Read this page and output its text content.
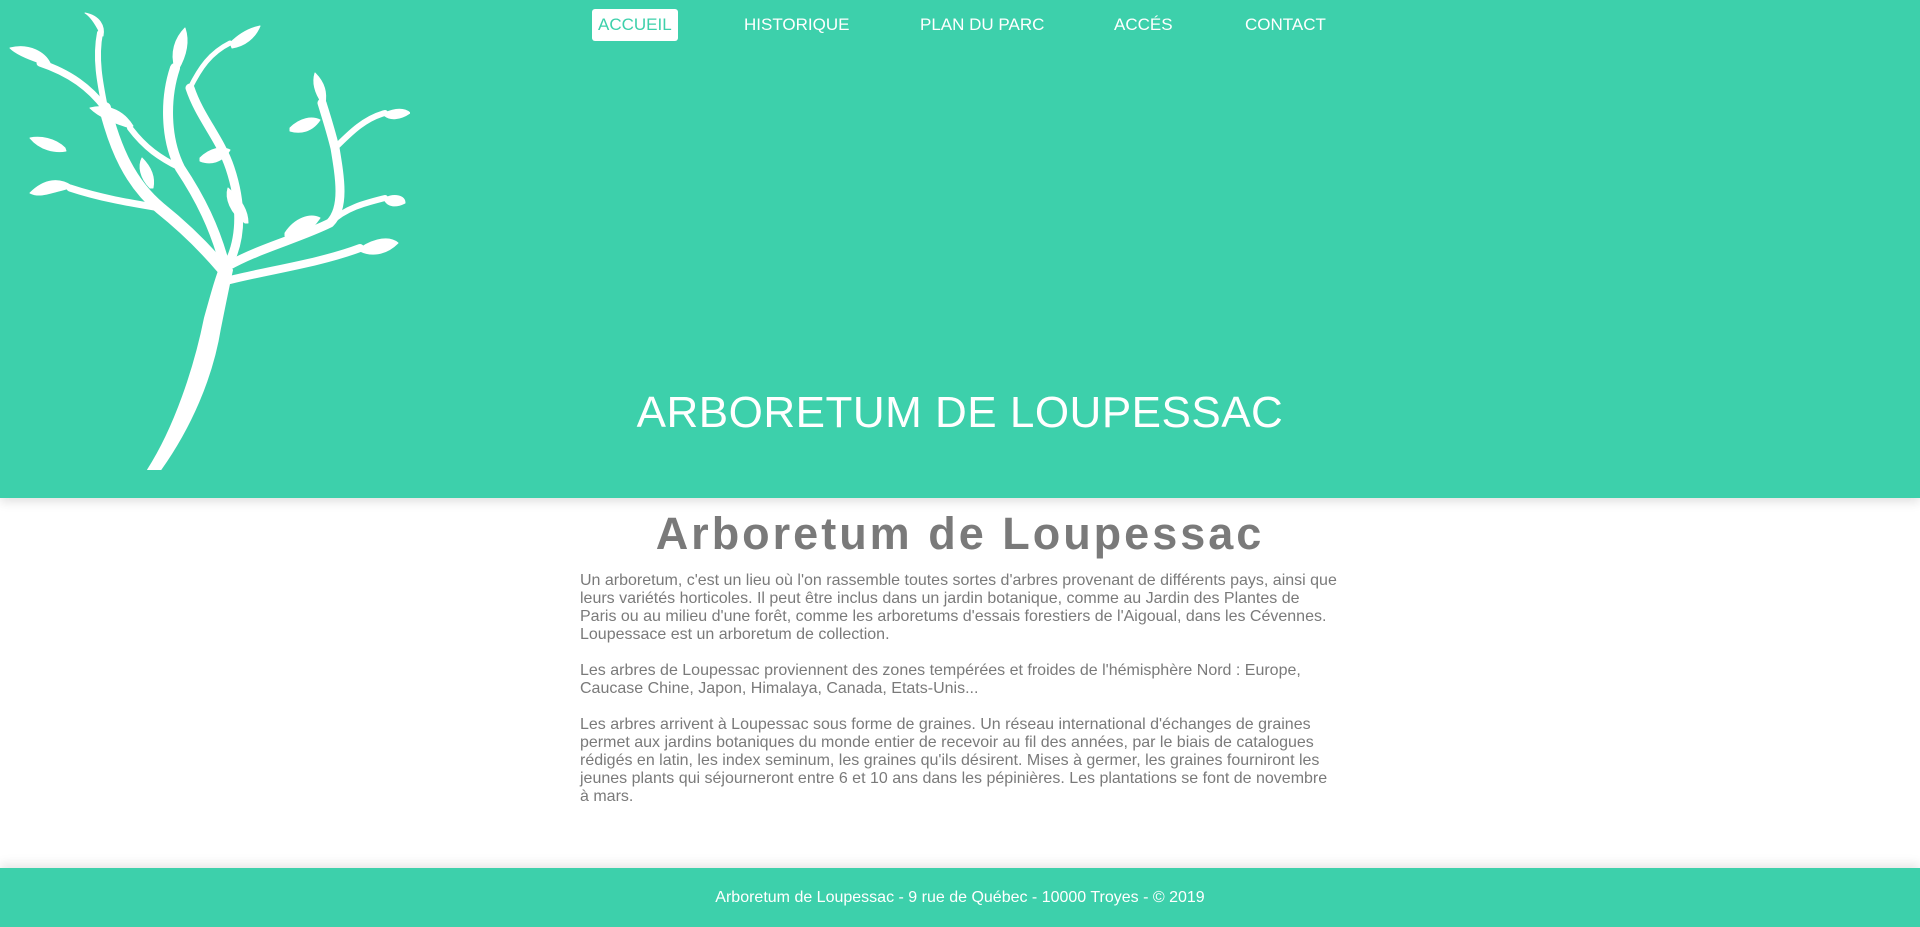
ACCUEIL	HISTORIQUE	PLAN DU PARC	ACCÉS	CONTACT
ARBORETUM DE LOUPESSAC
Arboretum de Loupessac

Un arboretum, c'est un lieu où l'on rassemble toutes sortes d'arbres provenant de différents pays, ainsi que leurs variétés horticoles. Il peut être inclus dans un jardin botanique, comme au Jardin des Plantes de Paris ou au milieu d'une forêt, comme les arboretums d'essais forestiers de l'Aigoual, dans les Cévennes. Loupessace est un arboretum de collection.

Les arbres de Loupessac proviennent des zones tempérées et froides de l'hémisphère Nord : Europe, Caucase Chine, Japon, Himalaya, Canada, Etats-Unis...

Les arbres arrivent à Loupessac sous forme de graines. Un réseau international d'échanges de graines permet aux jardins botaniques du monde entier de recevoir au fil des années, par le biais de catalogues rédigés en latin, les index seminum, les graines qu'ils désirent. Mises à germer, les graines fourniront les jeunes plants qui séjourneront entre 6 et 10 ans dans les pépinières. Les plantations se font de novembre à mars.

Arboretum de Loupessac - 9 rue de Québec - 10000 Troyes - © 2019
